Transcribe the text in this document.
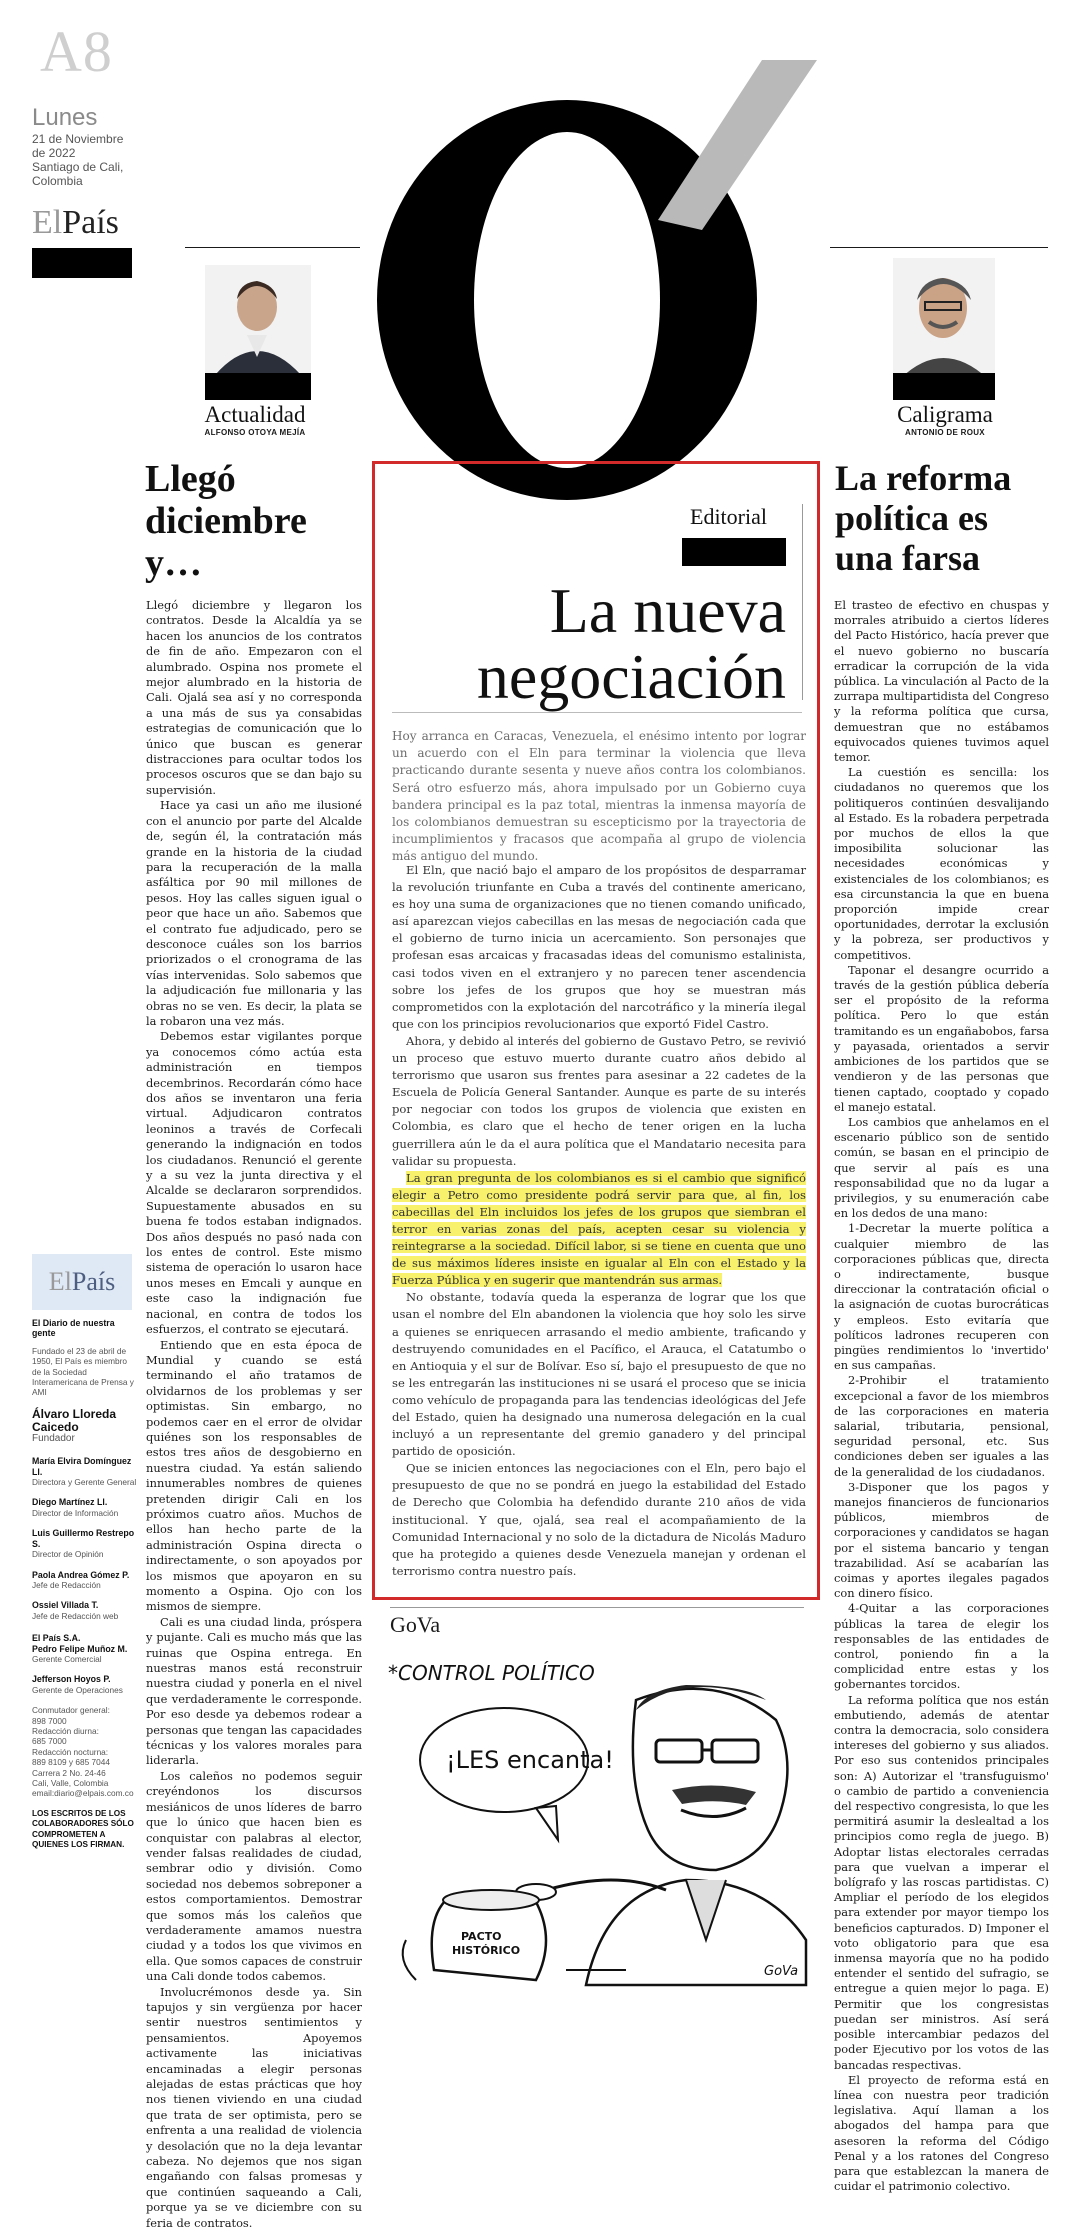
A8
Lunes
21 de Noviembre
de 2022
Santiago de Cali,
Colombia
ElPaís
Actualidad
ALFONSO OTOYA MEJÍA
Llegó
diciembre
y…

Llegó diciembre y llegaron los contratos. Desde la Alcaldía ya se hacen los anuncios de los contratos de fin de año. Empezaron con el alumbrado. Ospina nos promete el mejor alumbrado en la historia de Cali. Ojalá sea así y no corresponda a una más de sus ya consabidas estrategias de comunicación que lo único que buscan es generar distracciones para ocultar todos los procesos oscuros que se dan bajo su supervisión.

Hace ya casi un año me ilusioné con el anuncio por parte del Alcalde de, según él, la contratación más grande en la historia de la ciudad para la recuperación de la malla asfáltica por 90 mil millones de pesos. Hoy las calles siguen igual o peor que hace un año. Sabemos que el contrato fue adjudicado, pero se desconoce cuáles son los barrios priorizados o el cronograma de las vías intervenidas. Solo sabemos que la adjudicación fue millonaria y las obras no se ven. Es decir, la plata se la robaron una vez más.

Debemos estar vigilantes porque ya conocemos cómo actúa esta administración en tiempos decembrinos. Recordarán cómo hace dos años se inventaron una feria virtual. Adjudicaron contratos leoninos a través de Corfecali generando la indignación en todos los ciudadanos. Renunció el gerente y a su vez la junta directiva y el Alcalde se declararon sorprendidos. Supuestamente abusados en su buena fe todos estaban indignados. Dos años después no pasó nada con los entes de control. Este mismo sistema de operación lo usaron hace unos meses en Emcali y aunque en este caso la indignación fue nacional, en contra de todos los esfuerzos, el contrato se ejecutará.

Entiendo que en esta época de Mundial y cuando se está terminando el año tratamos de olvidarnos de los problemas y ser optimistas. Sin embargo, no podemos caer en el error de olvidar quiénes son los responsables de estos tres años de desgobierno en nuestra ciudad. Ya están saliendo innumerables nombres de quienes pretenden dirigir Cali en los próximos cuatro años. Muchos de ellos han hecho parte de la administración Ospina directa o indirectamente, o son apoyados por los mismos que apoyaron en su momento a Ospina. Ojo con los mismos de siempre.

Cali es una ciudad linda, próspera y pujante. Cali es mucho más que las ruinas que Ospina entrega. En nuestras manos está reconstruir nuestra ciudad y ponerla en el nivel que verdaderamente le corresponde. Por eso desde ya debemos rodear a personas que tengan las capacidades técnicas y los valores morales para liderarla.

Los caleños no podemos seguir creyéndonos los discursos mesiánicos de unos líderes de barro que lo único que hacen bien es conquistar con palabras al elector, vender falsas realidades de ciudad, sembrar odio y división. Como sociedad nos debemos sobreponer a estos comportamientos. Demostrar que somos más los caleños que verdaderamente amamos nuestra ciudad y a todos los que vivimos en ella. Que somos capaces de construir una Cali donde todos cabemos.

Involucrémonos desde ya. Sin tapujos y sin vergüenza por hacer sentir nuestros sentimientos y pensamientos. Apoyemos activamente las iniciativas encaminadas a elegir personas alejadas de estas prácticas que hoy nos tienen viviendo en una ciudad que trata de ser optimista, pero se enfrenta a una realidad de violencia y desolación que no la deja levantar cabeza. No dejemos que nos sigan engañando con falsas promesas y que continúen saqueando a Cali, porque ya se ve diciembre con su feria de contratos.

Caligrama
ANTONIO DE ROUX
La reforma
política es
una farsa

El trasteo de efectivo en chuspas y morrales atribuido a ciertos líderes del Pacto Histórico, hacía prever que el nuevo gobierno no buscaría erradicar la corrupción de la vida pública. La vinculación al Pacto de la zurrapa multipartidista del Congreso y la reforma política que cursa, demuestran que no estábamos equivocados quienes tuvimos aquel temor.

La cuestión es sencilla: los ciudadanos no queremos que los politiqueros continúen desvalijando al Estado. Es la robadera perpetrada por muchos de ellos la que imposibilita solucionar las necesidades económicas y existenciales de los colombianos; es esa circunstancia la que en buena proporción impide crear oportunidades, derrotar la exclusión y la pobreza, ser productivos y competitivos.

Taponar el desangre ocurrido a través de la gestión pública debería ser el propósito de la reforma política. Pero lo que están tramitando es un engañabobos, farsa y payasada, orientados a servir ambiciones de los partidos que se vendieron y de las personas que tienen captado, cooptado y copado el manejo estatal.

Los cambios que anhelamos en el escenario público son de sentido común, se basan en el principio de que servir al país es una responsabilidad que no da lugar a privilegios, y su enumeración cabe en los dedos de una mano:

1-Decretar la muerte política a cualquier miembro de las corporaciones públicas que, directa o indirectamente, busque direccionar la contratación oficial o la asignación de cuotas burocráticas y empleos. Esto evitaría que políticos ladrones recuperen con pingües rendimientos lo 'invertido' en sus campañas.

2-Prohibir el tratamiento excepcional a favor de los miembros de las corporaciones en materia salarial, tributaria, pensional, seguridad personal, etc. Sus condiciones deben ser iguales a las de la generalidad de los ciudadanos.

3-Disponer que los pagos y manejos financieros de funcionarios públicos, miembros de corporaciones y candidatos se hagan por el sistema bancario y tengan trazabilidad. Así se acabarían las coimas y aportes ilegales pagados con dinero físico.

4-Quitar a las corporaciones públicas la tarea de elegir los responsables de las entidades de control, poniendo fin a la complicidad entre estas y los gobernantes torcidos.

La reforma política que nos están embutiendo, además de atentar contra la democracia, solo considera intereses del gobierno y sus aliados. Por eso sus contenidos principales son: A) Autorizar el 'transfuguismo' o cambio de partido a conveniencia del respectivo congresista, lo que les permitirá asumir la deslealtad a los principios como regla de juego. B) Adoptar listas electorales cerradas para que vuelvan a imperar el bolígrafo y las roscas partidistas. C) Ampliar el período de los elegidos para extender por mayor tiempo los beneficios capturados. D) Imponer el voto obligatorio para que esa inmensa mayoría que no ha podido entender el sentido del sufragio, se entregue a quien mejor lo paga. E) Permitir que los congresistas puedan ser ministros. Así será posible intercambiar pedazos del poder Ejecutivo por los votos de las bancadas respectivas.

El proyecto de reforma está en línea con nuestra peor tradición legislativa. Aquí llaman a los abogados del hampa para que asesoren la reforma del Código Penal y a los ratones del Congreso para que establezcan la manera de cuidar el patrimonio colectivo.

Editorial
La nueva
negociación
Hoy arranca en Caracas, Venezuela, el enésimo intento por lograr un acuerdo con el Eln para terminar la violencia que lleva practicando durante sesenta y nueve años contra los colombianos. Será otro esfuerzo más, ahora impulsado por un Gobierno cuya bandera principal es la paz total, mientras la inmensa mayoría de los colombianos demuestran su escepticismo por la trayectoria de incumplimientos y fracasos que acompaña al grupo de violencia más antiguo del mundo.

El Eln, que nació bajo el amparo de los propósitos de desparramar la revolución triunfante en Cuba a través del continente americano, es hoy una suma de organizaciones que no tienen comando unificado, así aparezcan viejos cabecillas en las mesas de negociación cada que el gobierno de turno inicia un acercamiento. Son personajes que profesan esas arcaicas y fracasadas ideas del comunismo estalinista, casi todos viven en el extranjero y no parecen tener ascendencia sobre los jefes de los grupos que hoy se muestran más comprometidos con la explotación del narcotráfico y la minería ilegal que con los principios revolucionarios que exportó Fidel Castro.

Ahora, y debido al interés del gobierno de Gustavo Petro, se revivió un proceso que estuvo muerto durante cuatro años debido al terrorismo que usaron sus frentes para asesinar a 22 cadetes de la Escuela de Policía General Santander. Aunque es parte de su interés por negociar con todos los grupos de violencia que existen en Colombia, es claro que el hecho de tener origen en la lucha guerrillera aún le da el aura política que el Mandatario necesita para validar su propuesta.

La gran pregunta de los colombianos es si el cambio que significó elegir a Petro como presidente podrá servir para que, al fin, los cabecillas del Eln incluidos los jefes de los grupos que siembran el terror en varias zonas del país, acepten cesar su violencia y reintegrarse a la sociedad. Difícil labor, si se tiene en cuenta que uno de sus máximos líderes insiste en igualar al Eln con el Estado y la Fuerza Pública y en sugerir que mantendrán sus armas.

No obstante, todavía queda la esperanza de lograr que los que usan el nombre del Eln abandonen la violencia que hoy solo les sirve a quienes se enriquecen arrasando el medio ambiente, traficando y destruyendo comunidades en el Pacífico, el Arauca, el Catatumbo o en Antioquia y el sur de Bolívar. Eso sí, bajo el presupuesto de que no se les entregarán las instituciones ni se usará el proceso que se inicia como vehículo de propaganda para las tendencias ideológicas del Jefe del Estado, quien ha designado una numerosa delegación en la cual incluyó a un representante del gremio ganadero y del principal partido de oposición.

Que se inicien entonces las negociaciones con el Eln, pero bajo el presupuesto de que no se pondrá en juego la estabilidad del Estado de Derecho que Colombia ha defendido durante 210 años de vida institucional. Y que, ojalá, sea real el acompañamiento de la Comunidad Internacional y no solo de la dictadura de Nicolás Maduro que ha protegido a quienes desde Venezuela manejan y ordenan el terrorismo contra nuestro país.

GoVa
*CONTROL POLÍTICO
¡LES encanta!
PACTO
HISTÓRICO
GoVa
El País
El Diario de nuestra gente
Fundado el 23 de abril de 1950, El País es miembro de la Sociedad Interamericana de Prensa y AMI
Álvaro Lloreda Caicedo
Fundador
María Elvira Domínguez Ll.
Directora y Gerente General
Diego Martínez Ll.
Director de Información
Luis Guillermo Restrepo S.
Director de Opinión
Paola Andrea Gómez P.
Jefe de Redacción
Ossiel Villada T.
Jefe de Redacción web
El País S.A.
Pedro Felipe Muñoz M.
Gerente Comercial
Jefferson Hoyos P.
Gerente de Operaciones
Conmutador general:
898 7000
Redacción diurna:
685 7000
Redacción nocturna:
889 8109 y 685 7044
Carrera 2 No. 24-46
Cali, Valle, Colombia
email:diario@elpais.com.co
LOS ESCRITOS DE LOS COLABORADORES SÓLO COMPROMETEN A QUIENES LOS FIRMAN.
